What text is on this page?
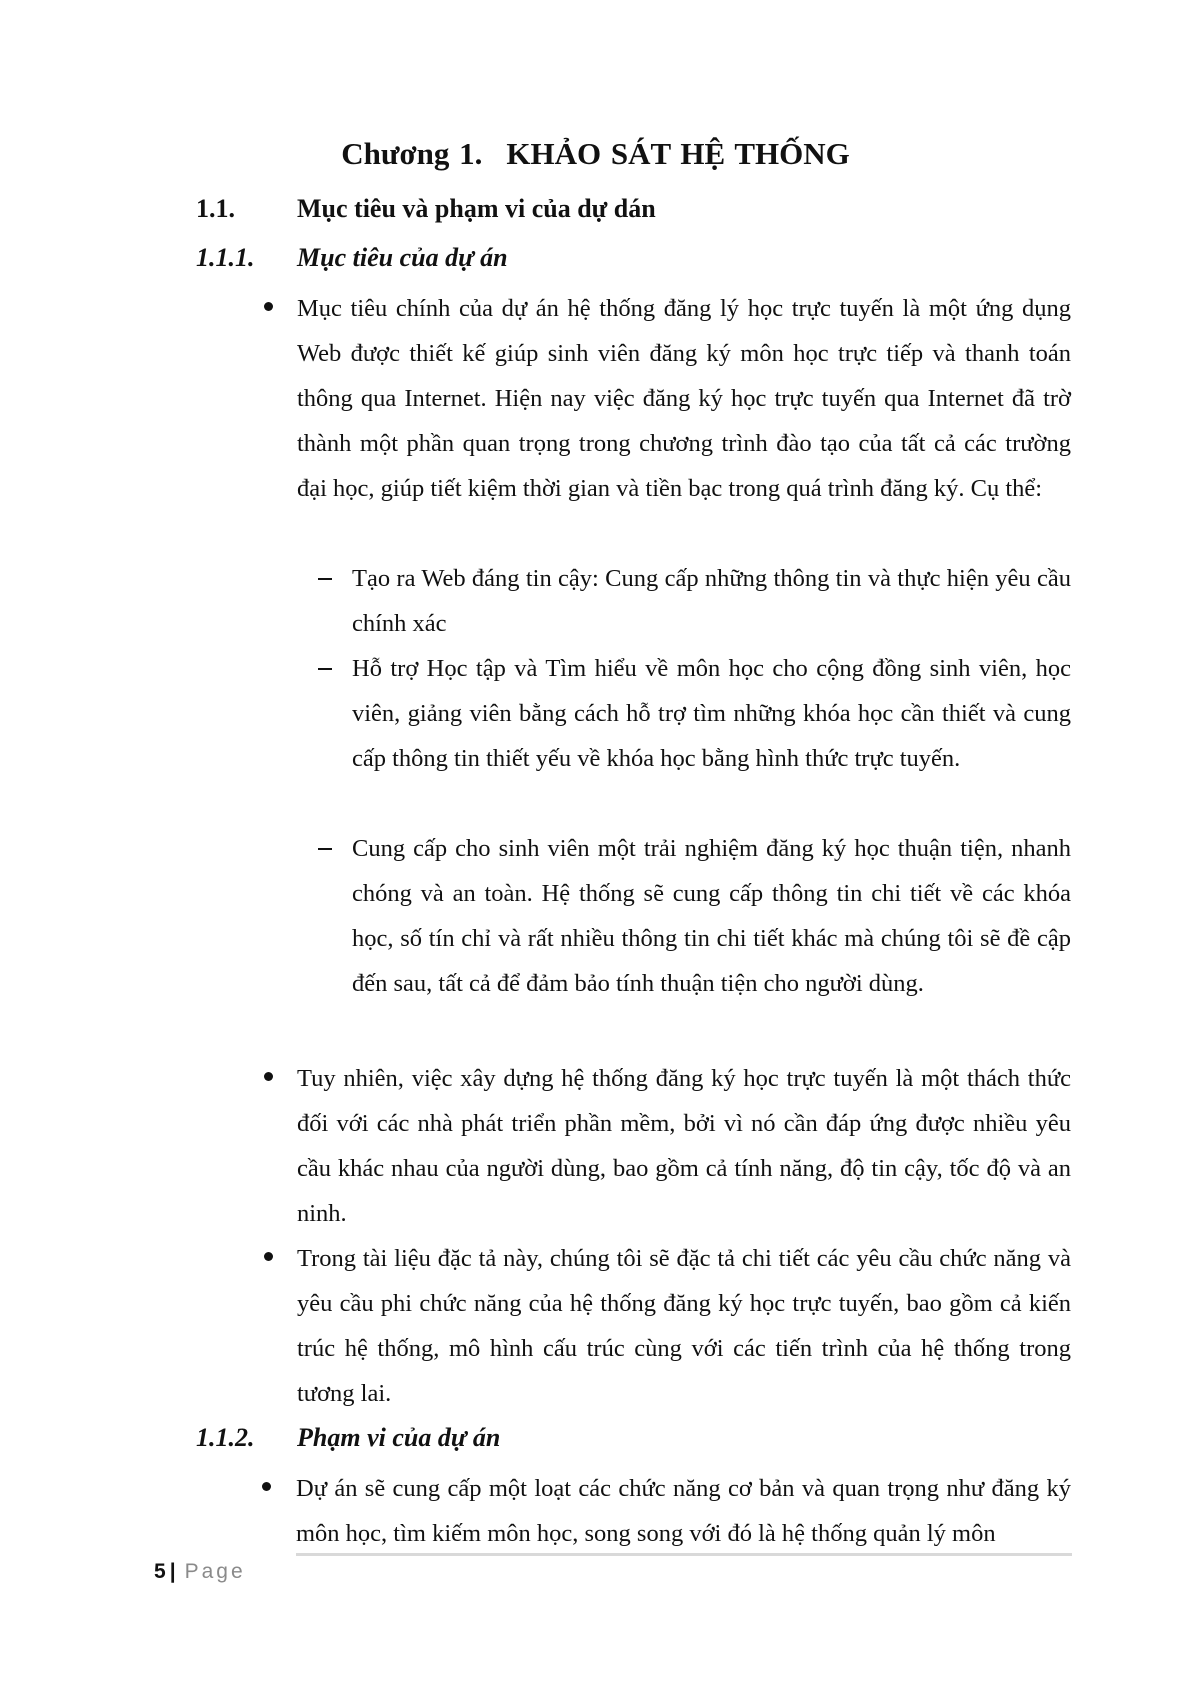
Chương 1. KHẢO SÁT HỆ THỐNG
1.1. Mục tiêu và phạm vi của dự dán
1.1.1. Mục tiêu của dự án
Mục tiêu chính của dự án hệ thống đăng lý học trực tuyến là một ứng dụng Web được thiết kế giúp sinh viên đăng ký môn học trực tiếp và thanh toán thông qua Internet. Hiện nay việc đăng ký học trực tuyến qua Internet đã trờ thành một phần quan trọng trong chương trình đào tạo của tất cả các trường đại học, giúp tiết kiệm thời gian và tiền bạc trong quá trình đăng ký. Cụ thể:
Tạo ra Web đáng tin cậy: Cung cấp những thông tin và thực hiện yêu cầu chính xác
Hỗ trợ Học tập và Tìm hiểu về môn học cho cộng đồng sinh viên, học viên, giảng viên bằng cách hỗ trợ tìm những khóa học cần thiết và cung cấp thông tin thiết yếu về khóa học bằng hình thức trực tuyến.
Cung cấp cho sinh viên một trải nghiệm đăng ký học thuận tiện, nhanh chóng và an toàn. Hệ thống sẽ cung cấp thông tin chi tiết về các khóa học, số tín chỉ và rất nhiều thông tin chi tiết khác mà chúng tôi sẽ đề cập đến sau, tất cả để đảm bảo tính thuận tiện cho người dùng.
Tuy nhiên, việc xây dựng hệ thống đăng ký học trực tuyến là một thách thức đối với các nhà phát triển phần mềm, bởi vì nó cần đáp ứng được nhiều yêu cầu khác nhau của người dùng, bao gồm cả tính năng, độ tin cậy, tốc độ và an ninh.
Trong tài liệu đặc tả này, chúng tôi sẽ đặc tả chi tiết các yêu cầu chức năng và yêu cầu phi chức năng của hệ thống đăng ký học trực tuyến, bao gồm cả kiến trúc hệ thống, mô hình cấu trúc cùng với các tiến trình của hệ thống trong tương lai.
1.1.2. Phạm vi của dự án
Dự án sẽ cung cấp một loạt các chức năng cơ bản và quan trọng như đăng ký môn học, tìm kiếm môn học, song song với đó là hệ thống quản lý môn
5 | Page
